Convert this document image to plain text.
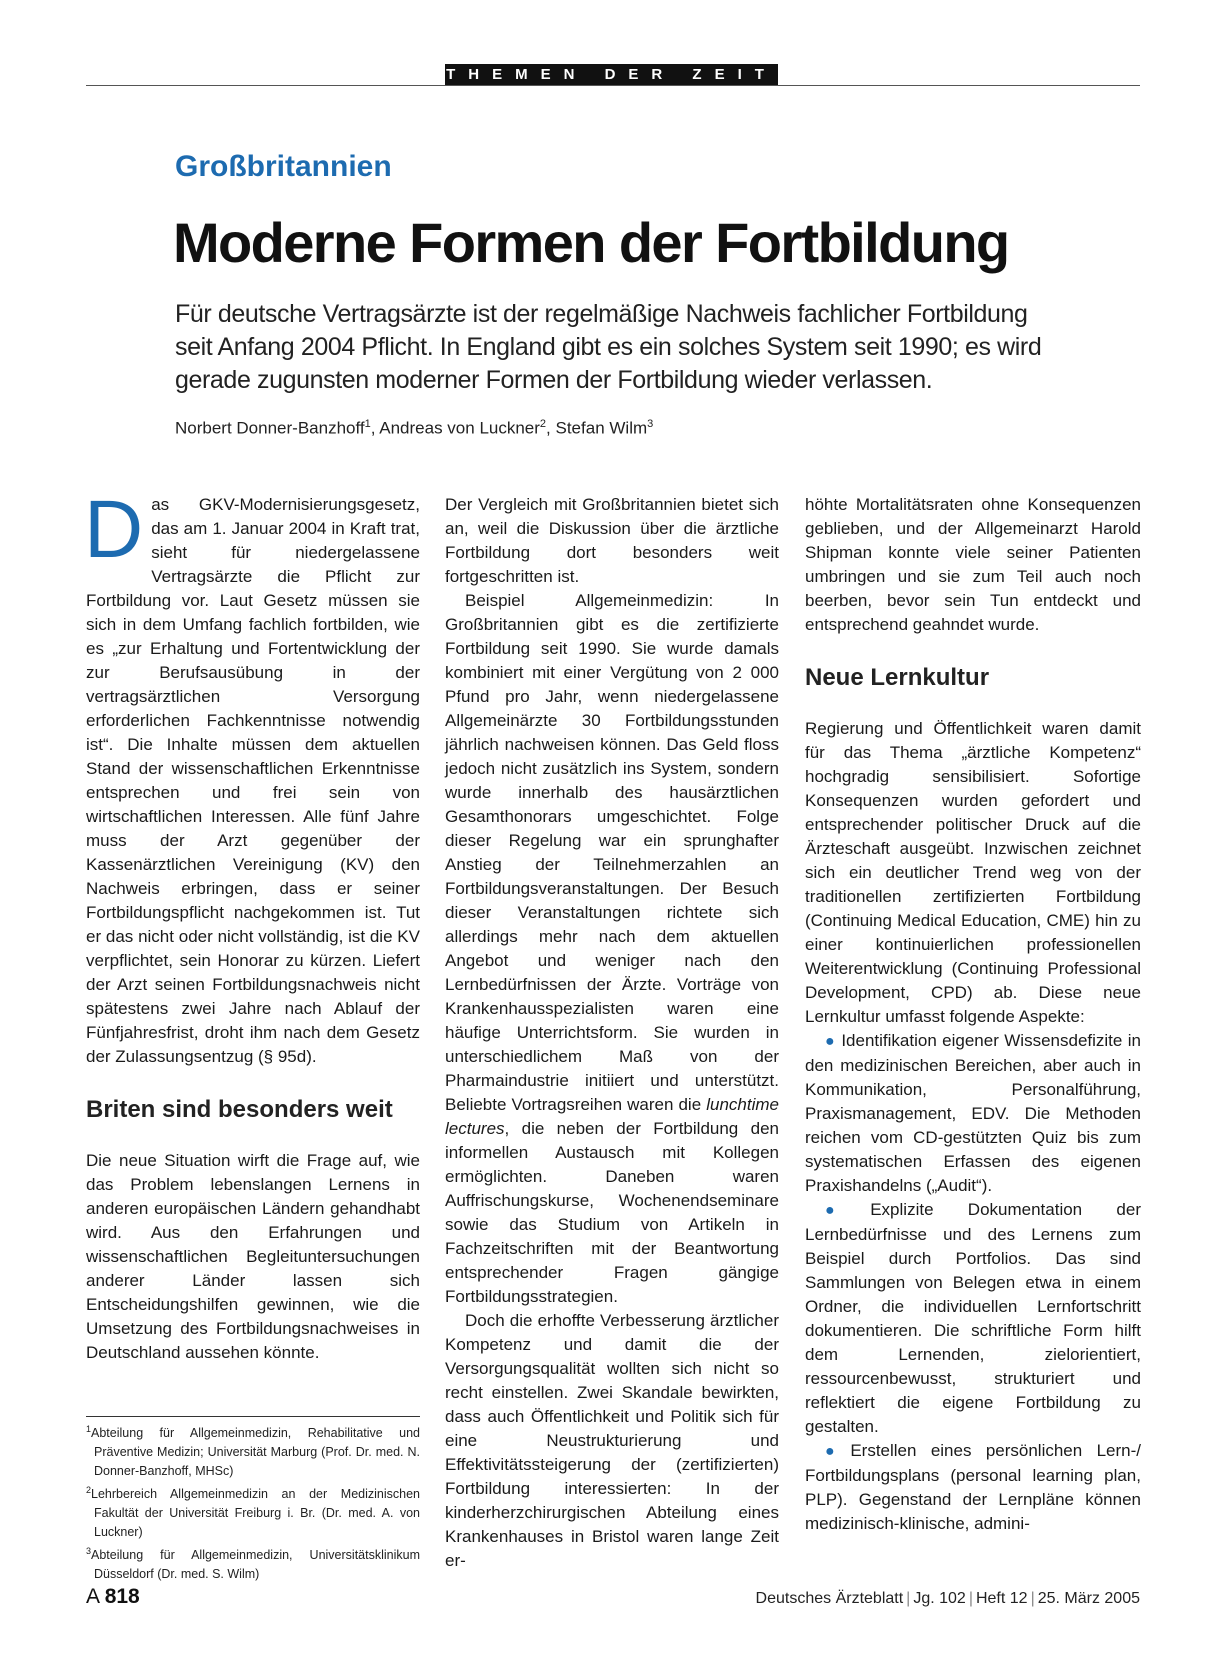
THEMEN DER ZEIT
Großbritannien
Moderne Formen der Fortbildung
Für deutsche Vertragsärzte ist der regelmäßige Nachweis fachlicher Fortbildung
seit Anfang 2004 Pflicht. In England gibt es ein solches System seit 1990; es wird
gerade zugunsten moderner Formen der Fortbildung wieder verlassen.
Norbert Donner-Banzhoff$^1$, Andreas von Luckner$^2$, Stefan Wilm$^3$

Das GKV-Modernisierungsgesetz, das am 1. Januar 2004 in Kraft trat, sieht für niedergelassene Vertragsärzte die Pflicht zur Fortbildung vor. Laut Gesetz müssen sie sich in dem Umfang fachlich fortbilden, wie es „zur Erhaltung und Fortentwicklung der zur Berufsausübung in der vertragsärztlichen Versorgung erforderlichen Fachkenntnisse notwendig ist“. Die Inhalte müssen dem aktuellen Stand der wissenschaftlichen Erkenntnisse entsprechen und frei sein von wirtschaftlichen Interessen. Alle fünf Jahre muss der Arzt gegenüber der Kassenärztlichen Vereinigung (KV) den Nachweis erbringen, dass er seiner Fortbildungspflicht nachgekommen ist. Tut er das nicht oder nicht vollständig, ist die KV verpflichtet, sein Honorar zu kürzen. Liefert der Arzt seinen Fortbildungsnachweis nicht spätestens zwei Jahre nach Ablauf der Fünfjahresfrist, droht ihm nach dem Gesetz der Zulassungsentzug (§ 95d).

Briten sind besonders weit

Die neue Situation wirft die Frage auf, wie das Problem lebenslangen Lernens in anderen europäischen Ländern gehandhabt wird. Aus den Erfahrungen und wissenschaftlichen Begleituntersuchungen anderer Länder lassen sich Entscheidungshilfen gewinnen, wie die Umsetzung des Fortbildungsnachweises in Deutschland aussehen könnte.

$^1$Abteilung für Allgemeinmedizin, Rehabilitative und Präventive Medizin; Universität Marburg (Prof. Dr. med. N. Donner-Banzhoff, MHSc)

$^2$Lehrbereich Allgemeinmedizin an der Medizinischen Fakultät der Universität Freiburg i. Br. (Dr. med. A. von Luckner)

$^3$Abteilung für Allgemeinmedizin, Universitätsklinikum Düsseldorf (Dr. med. S. Wilm)

Der Vergleich mit Großbritannien bietet sich an, weil die Diskussion über die ärztliche Fortbildung dort besonders weit fortgeschritten ist.

Beispiel Allgemeinmedizin: In Großbritannien gibt es die zertifizierte Fortbildung seit 1990. Sie wurde damals kombiniert mit einer Vergütung von 2 000 Pfund pro Jahr, wenn niedergelassene Allgemeinärzte 30 Fortbildungsstunden jährlich nachweisen können. Das Geld floss jedoch nicht zusätzlich ins System, sondern wurde innerhalb des hausärztlichen Gesamthonorars umgeschichtet. Folge dieser Regelung war ein sprunghafter Anstieg der Teilnehmerzahlen an Fortbildungsveranstaltungen. Der Besuch dieser Veranstaltungen richtete sich allerdings mehr nach dem aktuellen Angebot und weniger nach den Lernbedürfnissen der Ärzte. Vorträge von Krankenhausspezialisten waren eine häufige Unterrichtsform. Sie wurden in unterschiedlichem Maß von der Pharmaindustrie initiiert und unterstützt. Beliebte Vortragsreihen waren die lunchtime lectures, die neben der Fortbildung den informellen Austausch mit Kollegen ermöglichten. Daneben waren Auffrischungskurse, Wochenendseminare sowie das Studium von Artikeln in Fachzeitschriften mit der Beantwortung entsprechender Fragen gängige Fortbildungsstrategien.

Doch die erhoffte Verbesserung ärztlicher Kompetenz und damit die der Versorgungsqualität wollten sich nicht so recht einstellen. Zwei Skandale bewirkten, dass auch Öffentlichkeit und Politik sich für eine Neustrukturierung und Effektivitätssteigerung der (zertifizierten) Fortbildung interessierten: In der kinderherzchirurgischen Abteilung eines Krankenhauses in Bristol waren lange Zeit er-

höhte Mortalitätsraten ohne Konsequenzen geblieben, und der Allgemeinarzt Harold Shipman konnte viele seiner Patienten umbringen und sie zum Teil auch noch beerben, bevor sein Tun entdeckt und entsprechend geahndet wurde.

Neue Lernkultur

Regierung und Öffentlichkeit waren damit für das Thema „ärztliche Kompetenz“ hochgradig sensibilisiert. Sofortige Konsequenzen wurden gefordert und entsprechender politischer Druck auf die Ärzteschaft ausgeübt. Inzwischen zeichnet sich ein deutlicher Trend weg von der traditionellen zertifizierten Fortbildung (Continuing Medical Education, CME) hin zu einer kontinuierlichen professionellen Weiterentwicklung (Continuing Professional Development, CPD) ab. Diese neue Lernkultur umfasst folgende Aspekte:

● Identifikation eigener Wissensdefizite in den medizinischen Bereichen, aber auch in Kommunikation, Personalführung, Praxismanagement, EDV. Die Methoden reichen vom CD-gestützten Quiz bis zum systematischen Erfassen des eigenen Praxishandelns („Audit“).

● Explizite Dokumentation der Lernbedürfnisse und des Lernens zum Beispiel durch Portfolios. Das sind Sammlungen von Belegen etwa in einem Ordner, die individuellen Lernfortschritt dokumentieren. Die schriftliche Form hilft dem Lernenden, zielorientiert, ressourcenbewusst, strukturiert und reflektiert die eigene Fortbildung zu gestalten.

● Erstellen eines persönlichen Lern-/ Fortbildungsplans (personal learning plan, PLP). Gegenstand der Lernpläne können medizinisch-klinische, admini-

A 818	Deutsches Ärzteblatt | Jg. 102 | Heft 12 | 25. März 2005
